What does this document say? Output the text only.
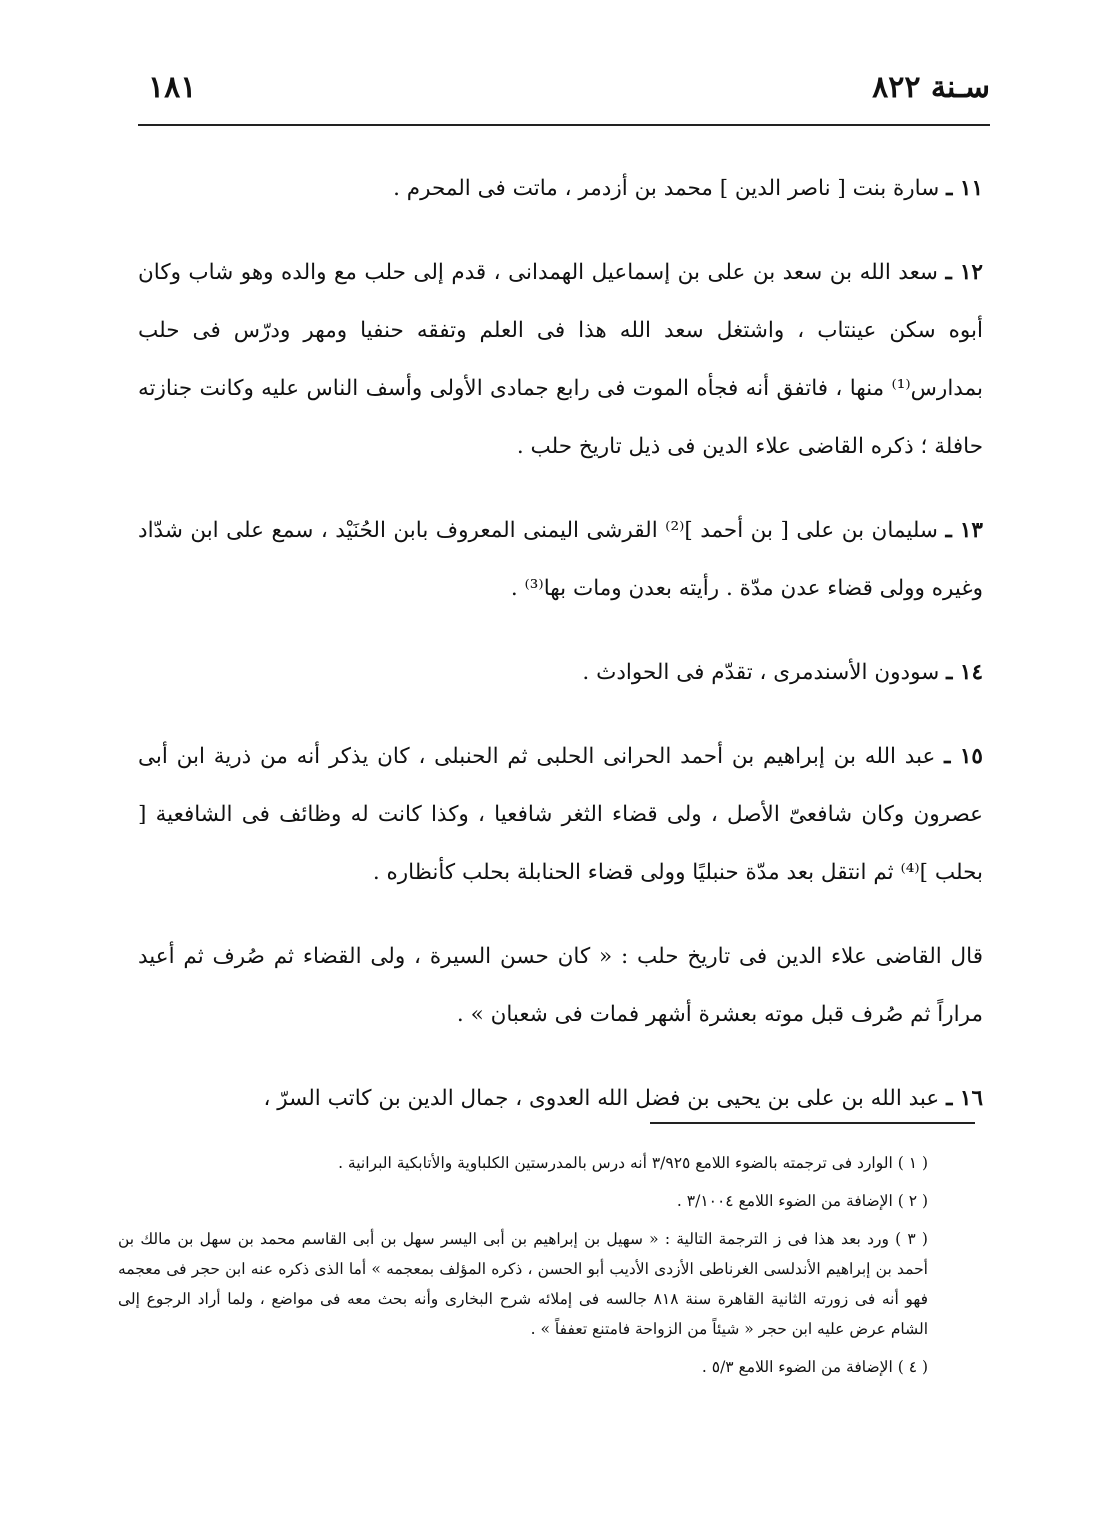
سـنة ٨٢٢
١٨١

١١ ـ سارة بنت [ ناصر الدين ] محمد بن أزدمر ، ماتت فى المحرم .

١٢ ـ سعد الله بن سعد بن على بن إسماعيل الهمدانى ، قدم إلى حلب مع والده وهو شاب وكان أبوه سكن عينتاب ، واشتغل سعد الله هذا فى العلم وتفقه حنفيا ومهر ودرّس فى حلب بمدارس⁽¹⁾ منها ، فاتفق أنه فجأه الموت فى رابع جمادى الأولى وأسف الناس عليه وكانت جنازته حافلة ؛ ذكره القاضى علاء الدين فى ذيل تاريخ حلب .

١٣ ـ سليمان بن على [ بن أحمد ]⁽²⁾ القرشى اليمنى المعروف بابن الحُنَيْد ، سمع على ابن شدّاد وغيره وولى قضاء عدن مدّة . رأيته بعدن ومات بها⁽³⁾ .

١٤ ـ سودون الأسندمرى ، تقدّم فى الحوادث .

١٥ ـ عبد الله بن إبراهيم بن أحمد الحرانى الحلبى ثم الحنبلى ، كان يذكر أنه من ذرية ابن أبى عصرون وكان شافعىّ الأصل ، ولى قضاء الثغر شافعيا ، وكذا كانت له وظائف فى الشافعية [ بحلب ]⁽⁴⁾ ثم انتقل بعد مدّة حنبليًا وولى قضاء الحنابلة بحلب كأنظاره .

قال القاضى علاء الدين فى تاريخ حلب : « كان حسن السيرة ، ولى القضاء ثم صُرف ثم أعيد مراراً ثم صُرف قبل موته بعشرة أشهر فمات فى شعبان » .

١٦ ـ عبد الله بن على بن يحيى بن فضل الله العدوى ، جمال الدين بن كاتب السرّ ،

( ١ ) الوارد فى ترجمته بالضوء اللامع ٣/٩٢٥ أنه درس بالمدرستين الكلباوية والأتابكية البرانية .

( ٢ ) الإضافة من الضوء اللامع ٣/١٠٠٤ .

( ٣ ) ورد بعد هذا فى ز الترجمة التالية : « سهيل بن إبراهيم بن أبى اليسر سهل بن أبى القاسم محمد بن سهل بن مالك بن أحمد بن إبراهيم الأندلسى الغرناطى الأزدى الأديب أبو الحسن ، ذكره المؤلف بمعجمه » أما الذى ذكره عنه ابن حجر فى معجمه فهو أنه فى زورته الثانية القاهرة سنة ٨١٨ جالسه فى إملائه شرح البخارى وأنه بحث معه فى مواضع ، ولما أراد الرجوع إلى الشام عرض عليه ابن حجر « شيئاً من الزواحة فامتنع تعففاً » .

( ٤ ) الإضافة من الضوء اللامع ٥/٣ .
